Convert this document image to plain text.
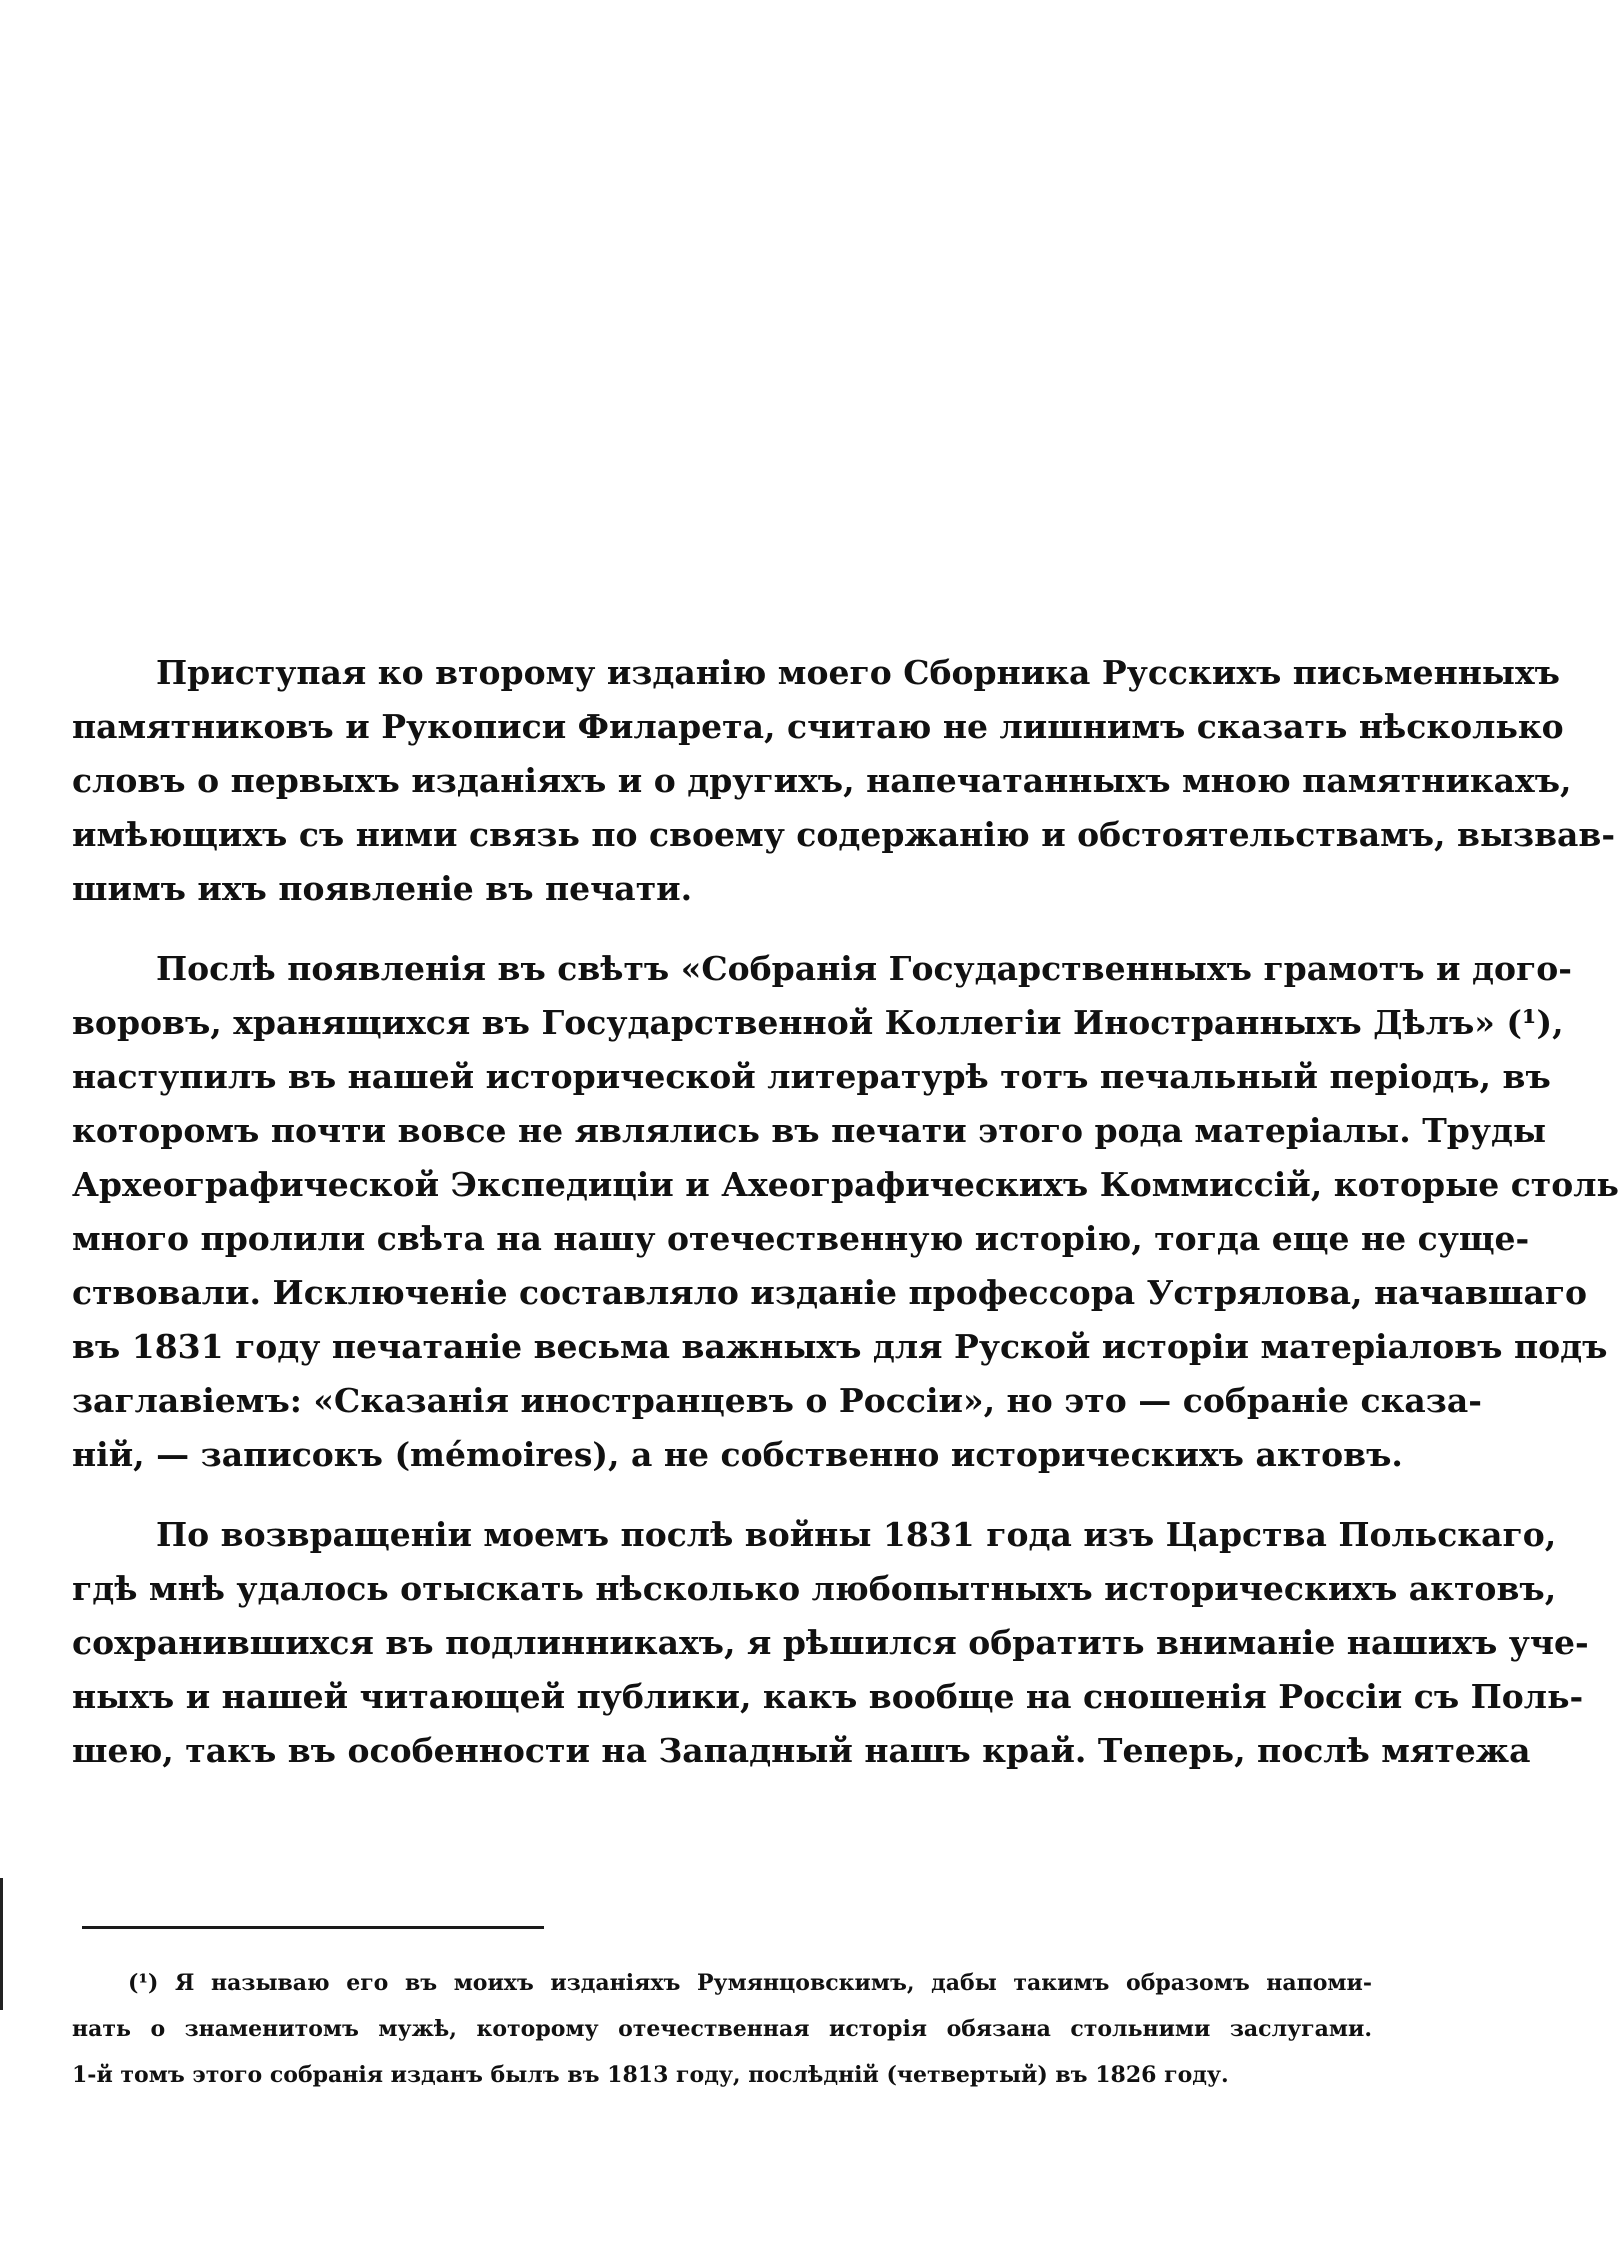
Приступая ко второму изданію моего Сборника Русскихъ письменныхъ

памятниковъ и Рукописи Филарета, считаю не лишнимъ сказать нѣсколько

словъ о первыхъ изданіяхъ и о другихъ, напечатанныхъ мною памятникахъ,

имѣющихъ съ ними связь по своему содержанію и обстоятельствамъ, вызвав-

шимъ ихъ появленіе въ печати.

Послѣ появленія въ свѣтъ «Собранія Государственныхъ грамотъ и дого-

воровъ, хранящихся въ Государственной Коллегіи Иностранныхъ Дѣлъ» (¹),

наступилъ въ нашей исторической литературѣ тотъ печальный періодъ, въ

которомъ почти вовсе не являлись въ печати этого рода матеріалы. Труды

Археографической Экспедиціи и Ахеографическихъ Коммиссій, которые столь

много пролили свѣта на нашу отечественную исторію, тогда еще не суще-

ствовали. Исключеніе составляло изданіе профессора Устрялова, начавшаго

въ 1831 году печатаніе весьма важныхъ для Руской исторіи матеріаловъ подъ

заглавіемъ: «Сказанія иностранцевъ о Россіи», но это — собраніе сказа-

ній, — записокъ (mémoires), а не собственно историческихъ актовъ.

По возвращеніи моемъ послѣ войны 1831 года изъ Царства Польскаго,

гдѣ мнѣ удалось отыскать нѣсколько любопытныхъ историческихъ актовъ,

сохранившихся въ подлинникахъ, я рѣшился обратить вниманіе нашихъ уче-

ныхъ и нашей читающей публики, какъ вообще на сношенія Россіи съ Поль-

шею, такъ въ особенности на Западный нашъ край. Теперь, послѣ мятежа

(¹) Я называю его въ моихъ изданіяхъ Румянцовскимъ, дабы такимъ образомъ напоми-

нать о знаменитомъ мужѣ, которому отечественная исторія обязана стольними заслугами.

1-й томъ этого собранія изданъ былъ въ 1813 году, послѣдній (четвертый) въ 1826 году.
